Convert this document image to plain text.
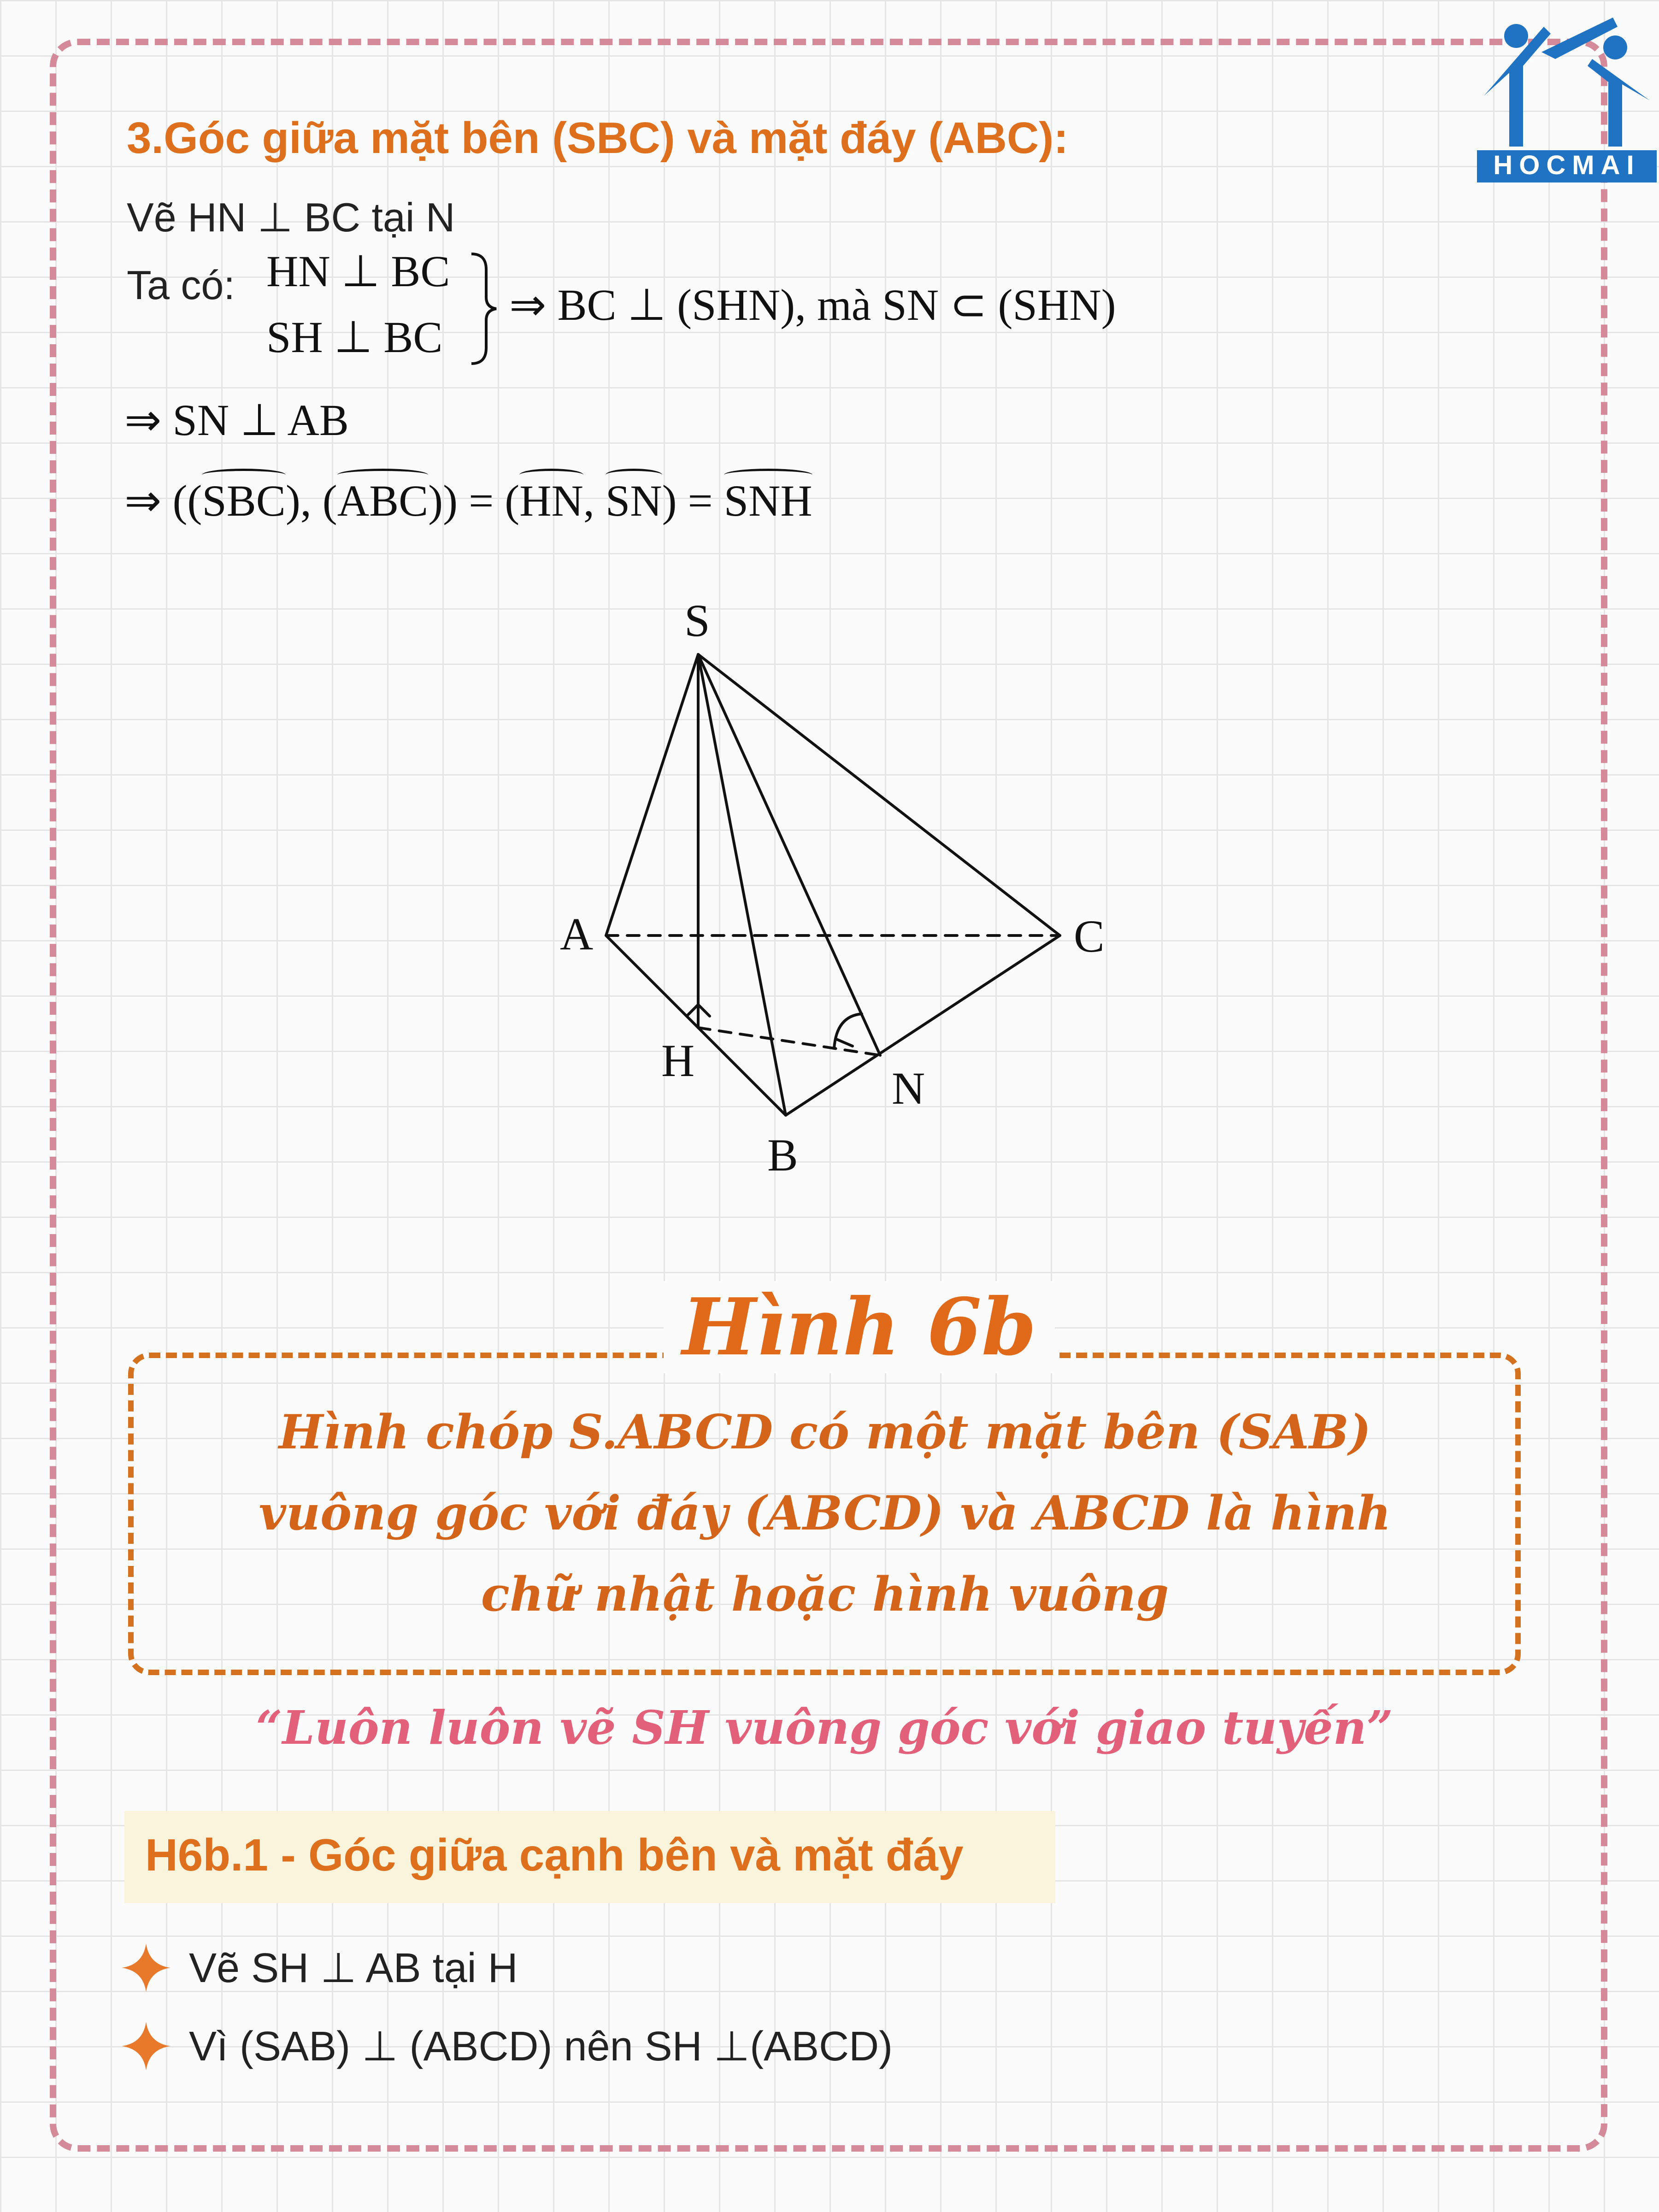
HOCMAI
3.Góc giữa mặt bên (SBC) và mặt đáy (ABC):
Vẽ HN ⊥ BC tại N
Ta có: HN ⊥ BC
SH ⊥ BC
⇒ BC ⊥ (SHN), mà SN ⊂ (SHN)
⇒ SN ⊥ AB
⇒ ((SBC), (ABC)) = (HN, SN) = SNH
S
A	C
H
B
N
Hình 6b
Hình chóp S.ABCD có một mặt bên (SAB)
vuông góc với đáy (ABCD) và ABCD là hình
chữ nhật hoặc hình vuông
“Luôn luôn vẽ SH vuông góc với giao tuyến”
H6b.1 - Góc giữa cạnh bên và mặt đáy
Vẽ SH ⊥ AB tại H
Vì (SAB) ⊥ (ABCD) nên SH ⊥(ABCD)
